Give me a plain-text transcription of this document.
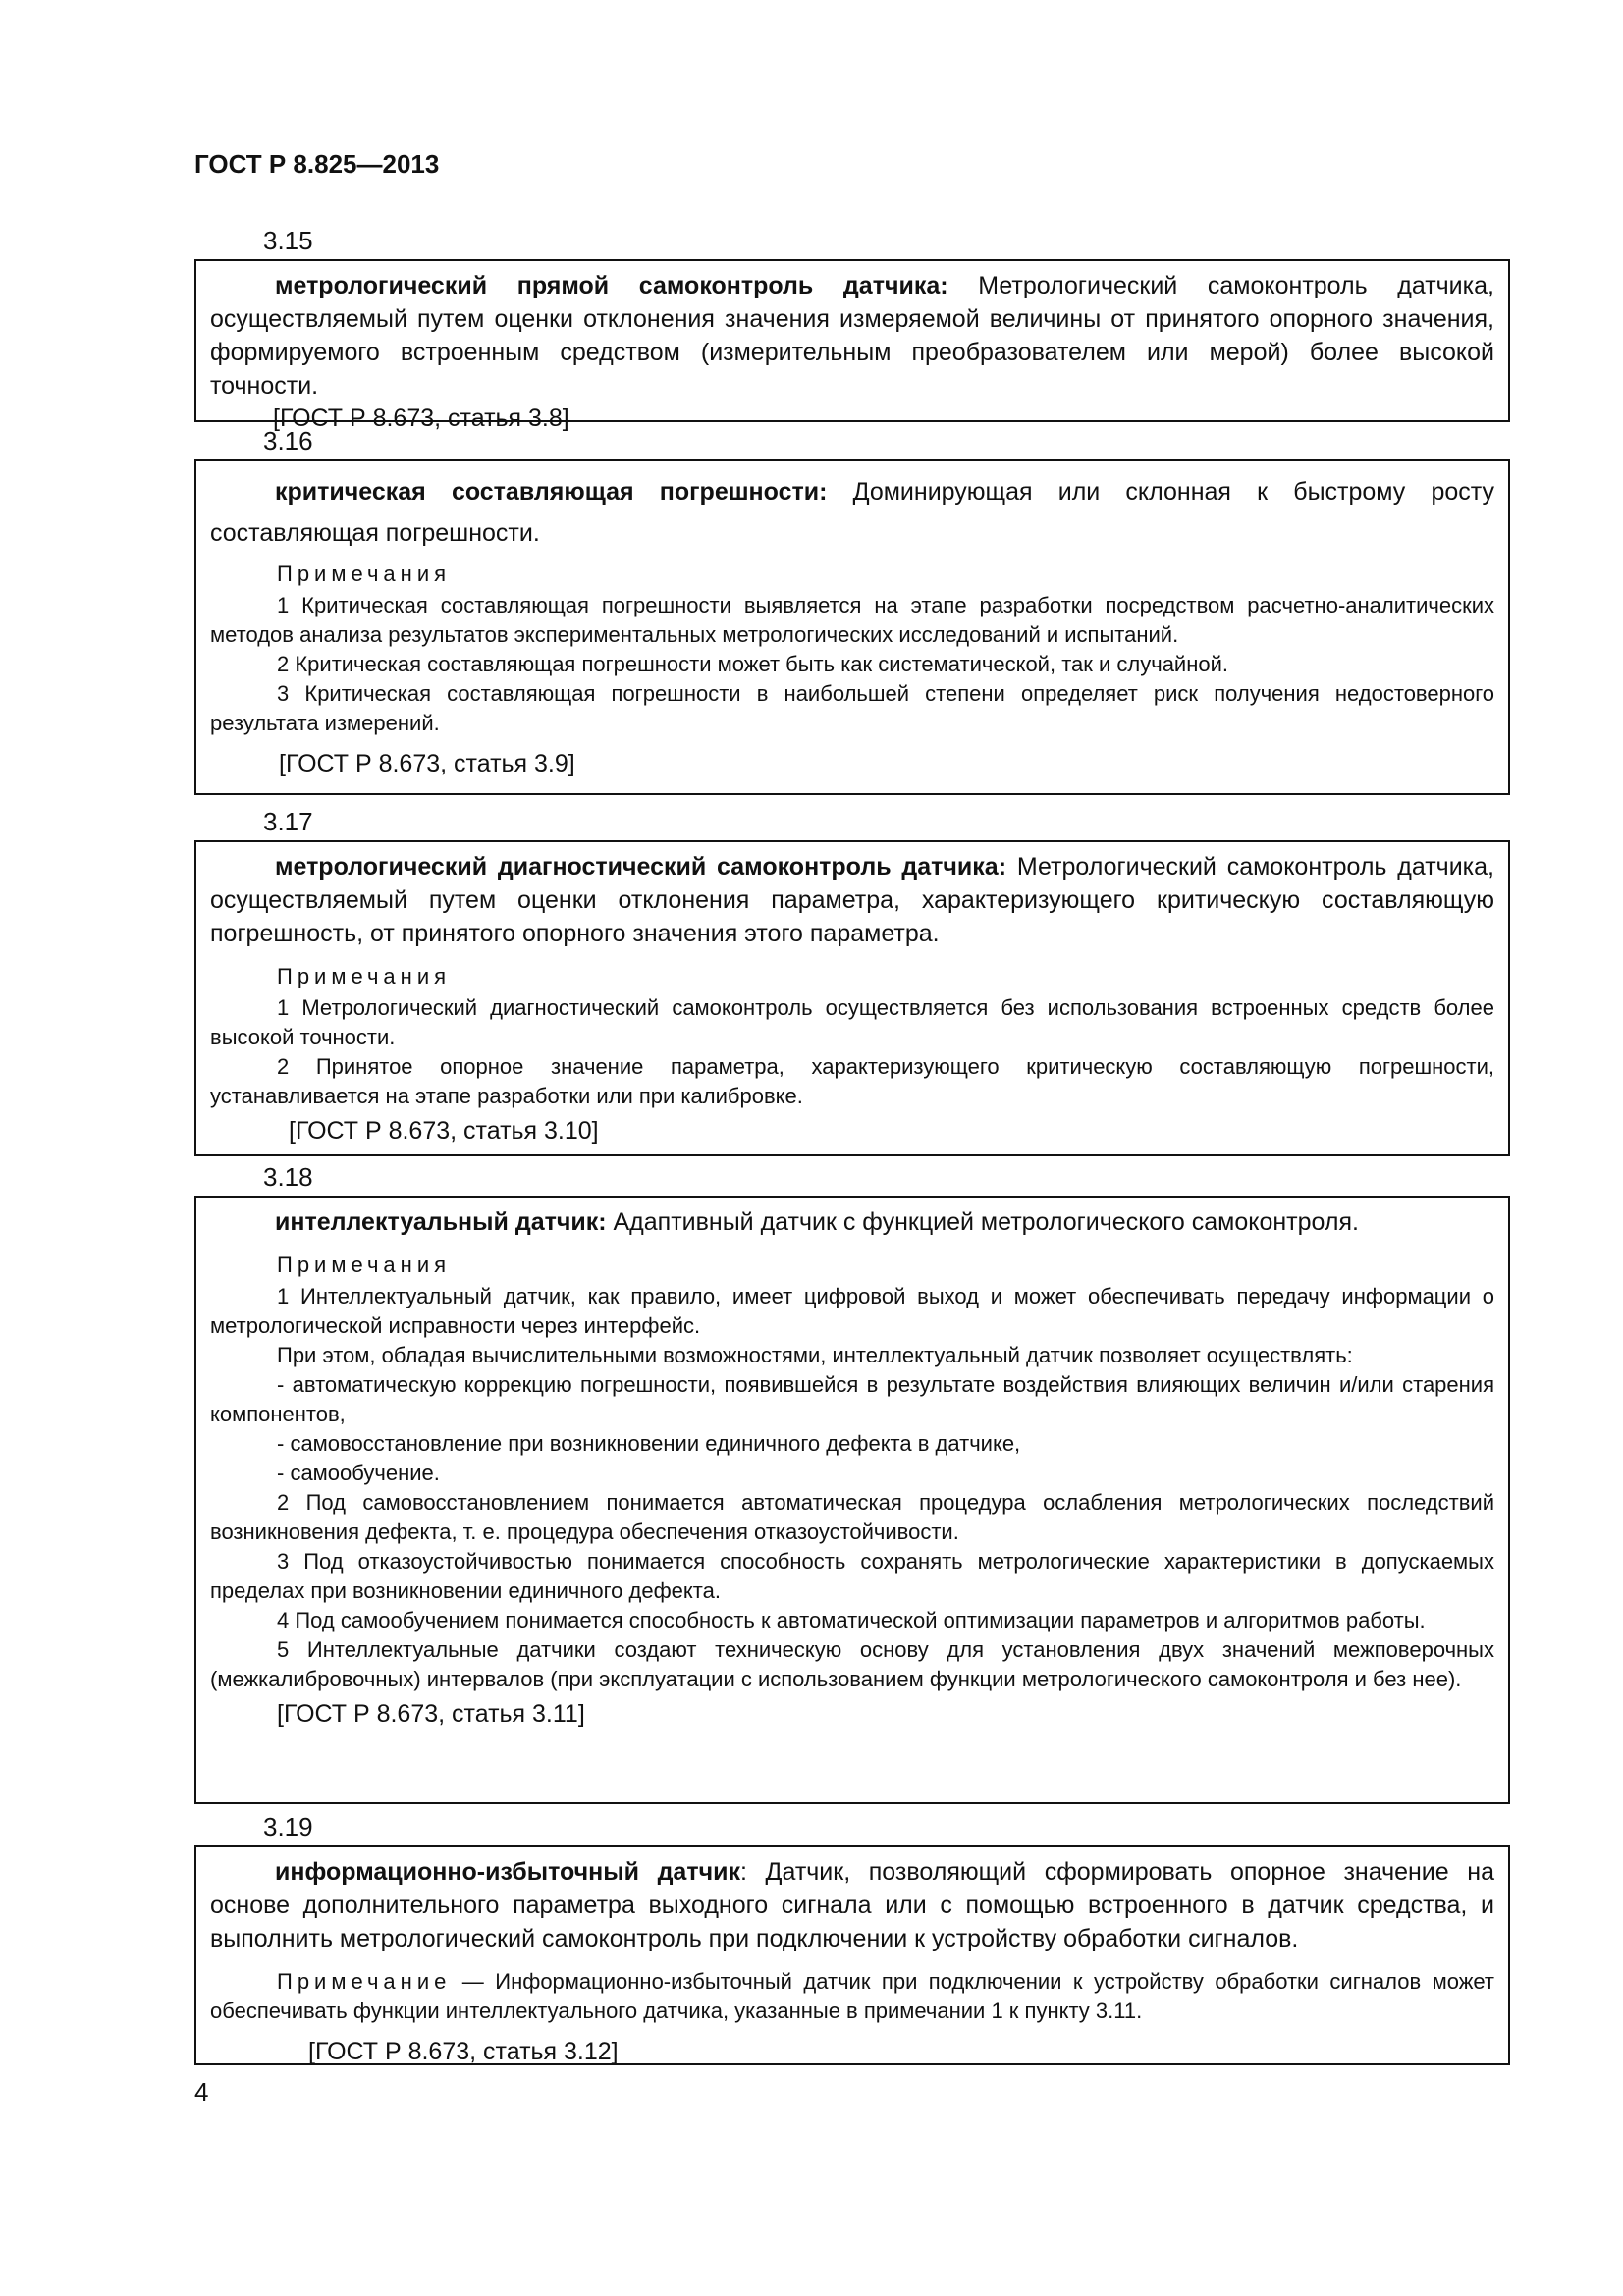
ГОСТ Р 8.825—2013
3.15

метрологический прямой самоконтроль датчика: Метрологический самоконтроль датчика, осуществляемый путем оценки отклонения значения измеряемой величины от принятого опорного значения, формируемого встроенным средством (измерительным преобразователем или мерой) более высокой точности.

[ГОСТ Р 8.673, статья 3.8]

3.16

критическая составляющая погрешности: Доминирующая или склонная к быстрому росту составляющая погрешности.

Примечания

1 Критическая составляющая погрешности выявляется на этапе разработки посредством расчетно-аналитических методов анализа результатов экспериментальных метрологических исследований и испытаний.

2 Критическая составляющая погрешности может быть как систематической, так и случайной.

3 Критическая составляющая погрешности в наибольшей степени определяет риск получения недостоверного результата измерений.

[ГОСТ Р 8.673, статья 3.9]

3.17

метрологический диагностический самоконтроль датчика: Метрологический самоконтроль датчика, осуществляемый путем оценки отклонения параметра, характеризующего критическую составляющую погрешность, от принятого опорного значения этого параметра.

Примечания

1 Метрологический диагностический самоконтроль осуществляется без использования встроенных средств более высокой точности.

2 Принятое опорное значение параметра, характеризующего критическую составляющую погрешности, устанавливается на этапе разработки или при калибровке.

[ГОСТ Р 8.673, статья 3.10]

3.18

интеллектуальный датчик: Адаптивный датчик с функцией метрологического самоконтроля.

Примечания

1 Интеллектуальный датчик, как правило, имеет цифровой выход и может обеспечивать передачу информации о метрологической исправности через интерфейс.

При этом, обладая вычислительными возможностями, интеллектуальный датчик позволяет осуществлять:

- автоматическую коррекцию погрешности, появившейся в результате воздействия влияющих величин и/или старения компонентов,

- самовосстановление при возникновении единичного дефекта в датчике,

- самообучение.

2 Под самовосстановлением понимается автоматическая процедура ослабления метрологических последствий возникновения дефекта, т. е. процедура обеспечения отказоустойчивости.

3 Под отказоустойчивостью понимается способность сохранять метрологические характеристики в допускаемых пределах при возникновении единичного дефекта.

4 Под самообучением понимается способность к автоматической оптимизации параметров и алгоритмов работы.

5 Интеллектуальные датчики создают техническую основу для установления двух значений межповерочных (межкалибровочных) интервалов (при эксплуатации с использованием функции метрологического самоконтроля и без нее).

[ГОСТ Р 8.673, статья 3.11]

3.19

информационно-избыточный датчик: Датчик, позволяющий сформировать опорное значение на основе дополнительного параметра выходного сигнала или с помощью встроенного в датчик средства, и выполнить метрологический самоконтроль при подключении к устройству обработки сигналов.

Примечание — Информационно-избыточный датчик при подключении к устройству обработки сигналов может обеспечивать функции интеллектуального датчика, указанные в примечании 1 к пункту 3.11.

[ГОСТ Р 8.673, статья 3.12]

4
